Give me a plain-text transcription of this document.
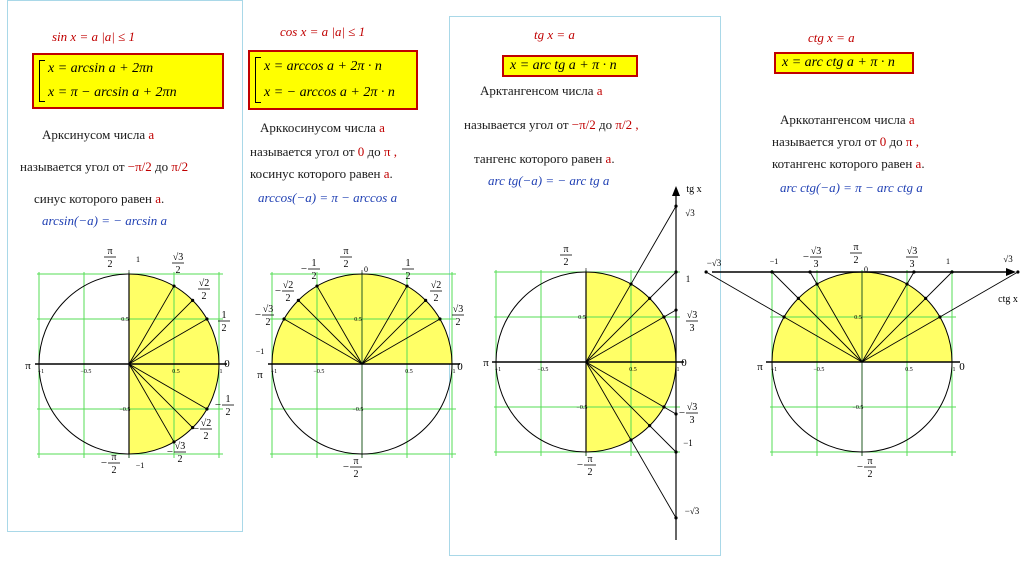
sin x = a |a| ≤ 1
x = arcsin a + 2πn
x = π − arcsin a + 2πn
Арксинусом числа a
называется угол от −π/2 до π/2
синус которого равен a.
arcsin(−a) = − arcsin a
cos x = a |a| ≤ 1
x = arccos a + 2π · n
x = − arccos a + 2π · n
Арккосинусом числа a
называется угол от 0 до π ,
косинус которого равен a.
arccos(−a) = π − arccos a
tg x = a
x = arc tg a + π · n
Арктангенсом числа a
называется угол от −π/2 до π/2 ,
тангенс которого равен a.
arc tg(−a) = − arc tg a
ctg x = a
x = arc ctg a + π · n
Арккотангенсом числа a
называется угол от 0 до π ,
котангенс которого равен a.
arc ctg(−a) = π − arc ctg a
−1	−0.5	0.5	1
0.5
−0.5
π
2	1	√3
2
√2
2
1
2
π	0
− 1
2
− √2
2
− √3
2
−1
− π
2
−1	−0.5	0.5	1
0.5
−0.5
π
2 0
− 1
2
1
2
− √2
2
√2
2
− √3
2
√3
2
−1
π
0
− π
2
−1	−0.5	0.5	1
0.5
−0.5
tg x
√3
1
√3
3
0
− √3
3
−1
−√3
π
π
2
− π
2
−1	−0.5	0.5	1
0.5
−0.5
ctg x
−√3	−1 − √3
3
π
2
0
√3
3	1	√3
π	0
− π
2
